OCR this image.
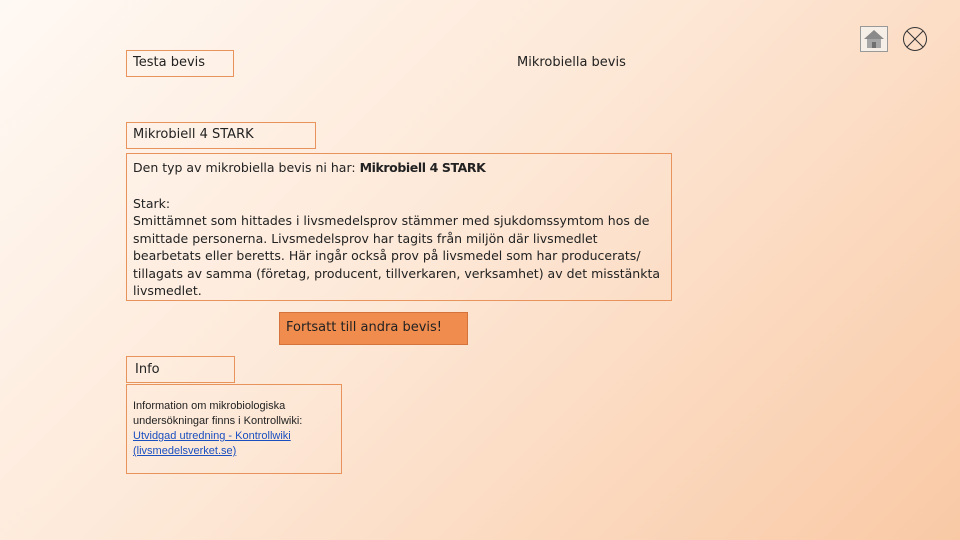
Testa bevis	Mikrobiella bevis
Mikrobiell 4 STARK
Den typ av mikrobiella bevis ni har: Mikrobiell 4 STARK
Stark:
Smittämnet som hittades i livsmedelsprov stämmer med sjukdomssymtom hos de smittade personerna. Livsmedelsprov har tagits från miljön där livsmedlet bearbetats eller beretts. Här ingår också prov på livsmedel som har producerats/ tillagats av samma (företag, producent, tillverkaren, verksamhet) av det misstänkta livsmedlet.
Fortsatt till andra bevis!
Info
Information om mikrobiologiska undersökningar finns i Kontrollwiki: Utvidgad utredning - Kontrollwiki (livsmedelsverket.se)
